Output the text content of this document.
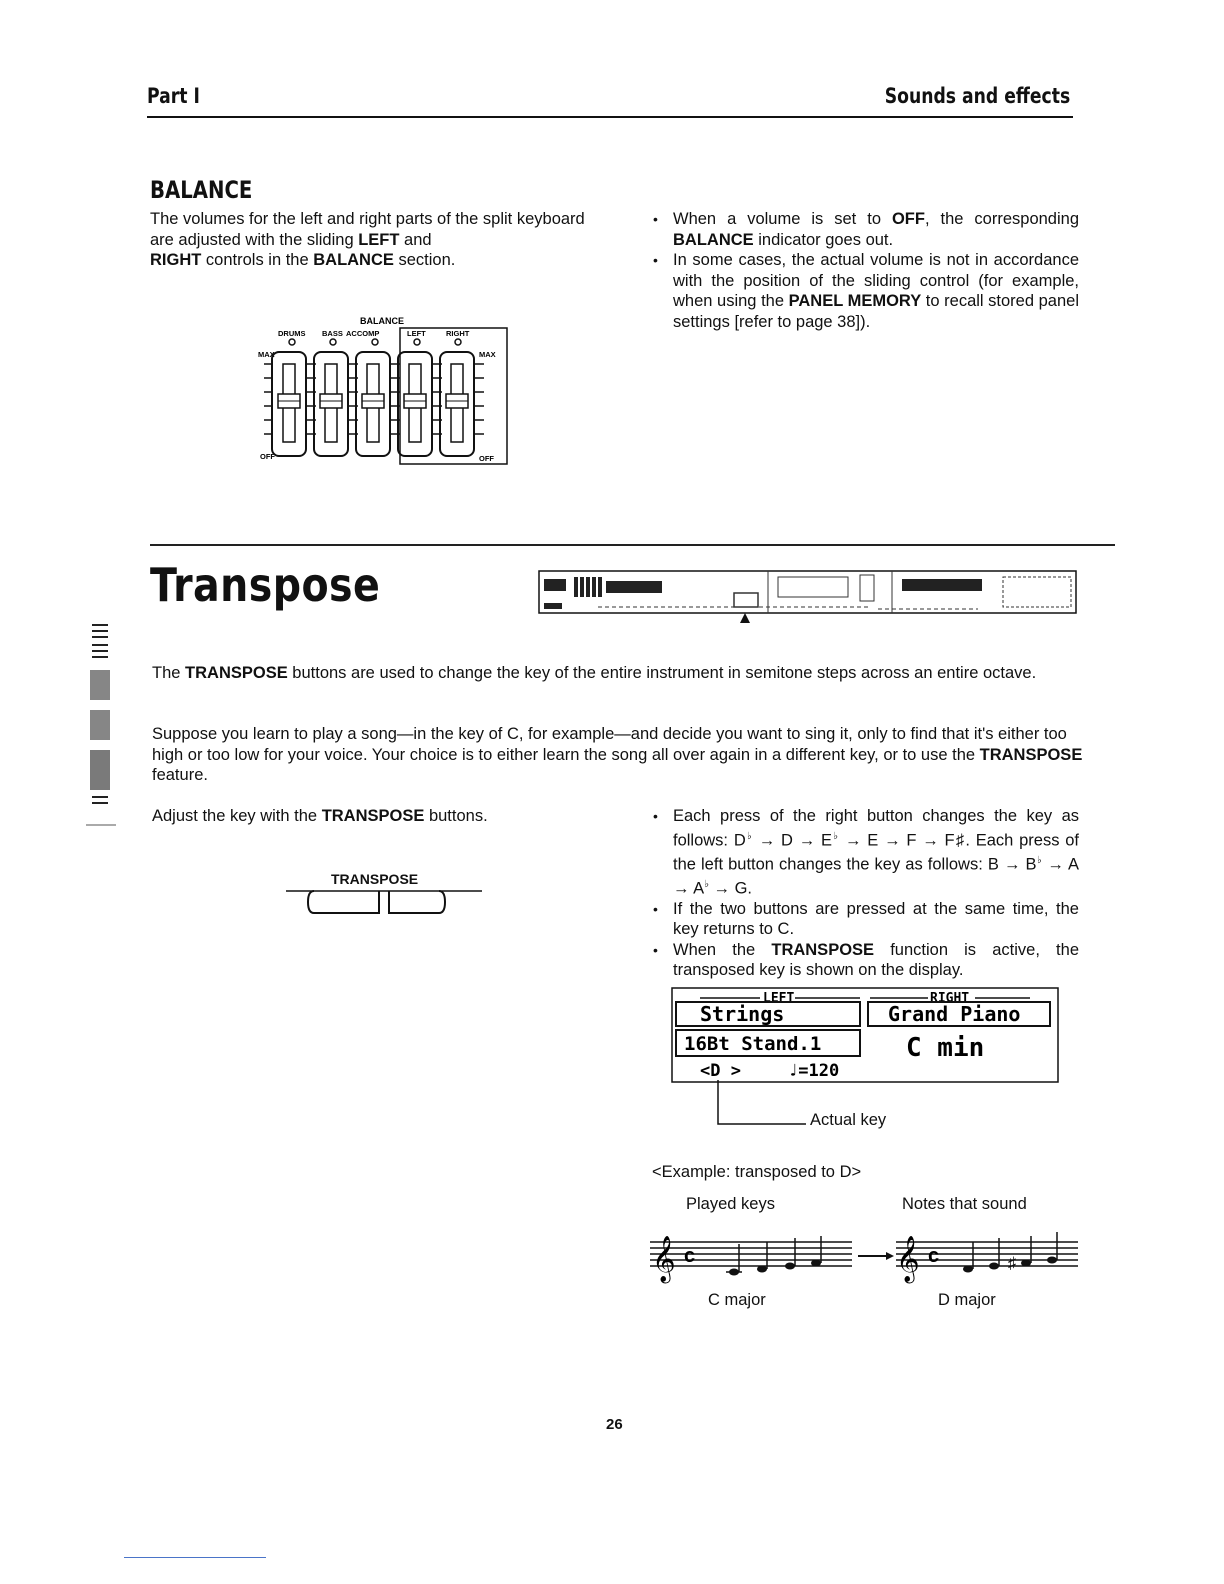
Part I	Sounds and effects
BALANCE
The volumes for the left and right parts of the split keyboard are adjusted with the sliding LEFT and
RIGHT controls in the BALANCE section.

• When a volume is set to OFF, the corresponding BALANCE indicator goes out.

• In some cases, the actual volume is not in accordance with the position of the sliding control (for example, when using the PANEL MEMORY to recall stored panel settings [refer to page 38]).

BALANCE
DRUMS BASS ACCOMP	LEFT	RIGHT
MAX	MAX
OFF	OFF
Transpose
The TRANSPOSE buttons are used to change the key of the entire instrument in semitone steps across an entire octave.
Suppose you learn to play a song—in the key of C, for example—and decide you want to sing it, only to find that it's either too high or too low for your voice. Your choice is to either learn the song all over again in a different key, or to use the TRANSPOSE feature.
Adjust the key with the TRANSPOSE buttons.
TRANSPOSE

• Each press of the right button changes the key as follows: D♭ → D → E♭ → E → F → F♯. Each press of the left button changes the key as follows: B → B♭ → A → A♭ → G.

• If the two buttons are pressed at the same time, the key returns to C.

• When the TRANSPOSE function is active, the transposed key is shown on the display.

LEFT	RIGHT
Strings	Grand Piano
16Bt Stand.1	C min
<D >	♩=120
Actual key
<Example: transposed to D>
Played keys	Notes that sound
𝄞 c	𝄞 c	♯
C major	D major
26
